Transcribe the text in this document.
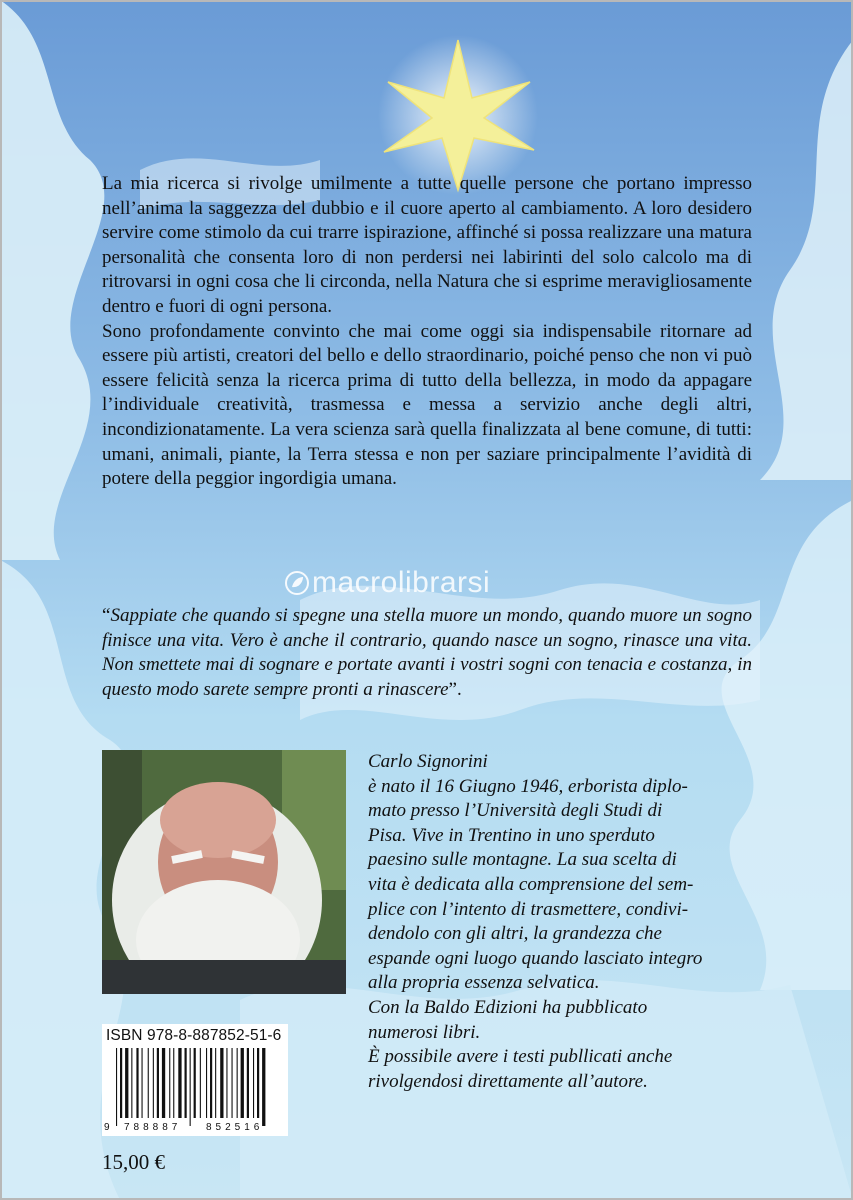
macrolibrarsi

La mia ricerca si rivolge umilmente a tutte quelle persone che portano impresso nell’anima la saggezza del dubbio e il cuore aperto al cambiamento. A loro desidero servire come stimolo da cui trarre ispirazione, affinché si possa realizzare una matura personalità che consenta loro di non perdersi nei labirinti del solo calcolo ma di ritrovarsi in ogni cosa che li circonda, nella Natura che si esprime meravigliosamente dentro e fuori di ogni persona.

Sono profondamente convinto che mai come oggi sia indispensabile ritornare ad essere più artisti, creatori del bello e dello straordinario, poiché penso che non vi può essere felicità senza la ricerca prima di tutto della bellezza, in modo da appagare l’individuale creatività, trasmessa e messa a servizio anche degli altri, incondizionatamente. La vera scienza sarà quella finalizzata al bene comune, di tutti: umani, animali, piante, la Terra stessa e non per saziare principalmente l’avidità di potere della peggior ingordigia umana.

“Sappiate che quando si spegne una stella muore un mondo, quando muore un sogno finisce una vita. Vero è anche il contrario, quando nasce un sogno, rinasce una vita. Non smettete mai di sognare e portate avanti i vostri sogni con tenacia e costanza, in questo modo sarete sempre pronti a rinascere”.
Carlo Signorini
è nato il 16 Giugno 1946, erborista diplo-
mato presso l’Università degli Studi di
Pisa. Vive in Trentino in uno sperduto
paesino sulle montagne. La sua scelta di
vita è dedicata alla comprensione del sem-
plice con l’intento di trasmettere, condivi-
dendolo con gli altri, la grandezza che
espande ogni luogo quando lasciato integro
alla propria essenza selvatica.
Con la Baldo Edizioni ha pubblicato
numerosi libri.
È possibile avere i testi publlicati anche
rivolgendosi direttamente all’autore.
ISBN 978-8-887852-51-6
9 788887 852516
15,00 €
